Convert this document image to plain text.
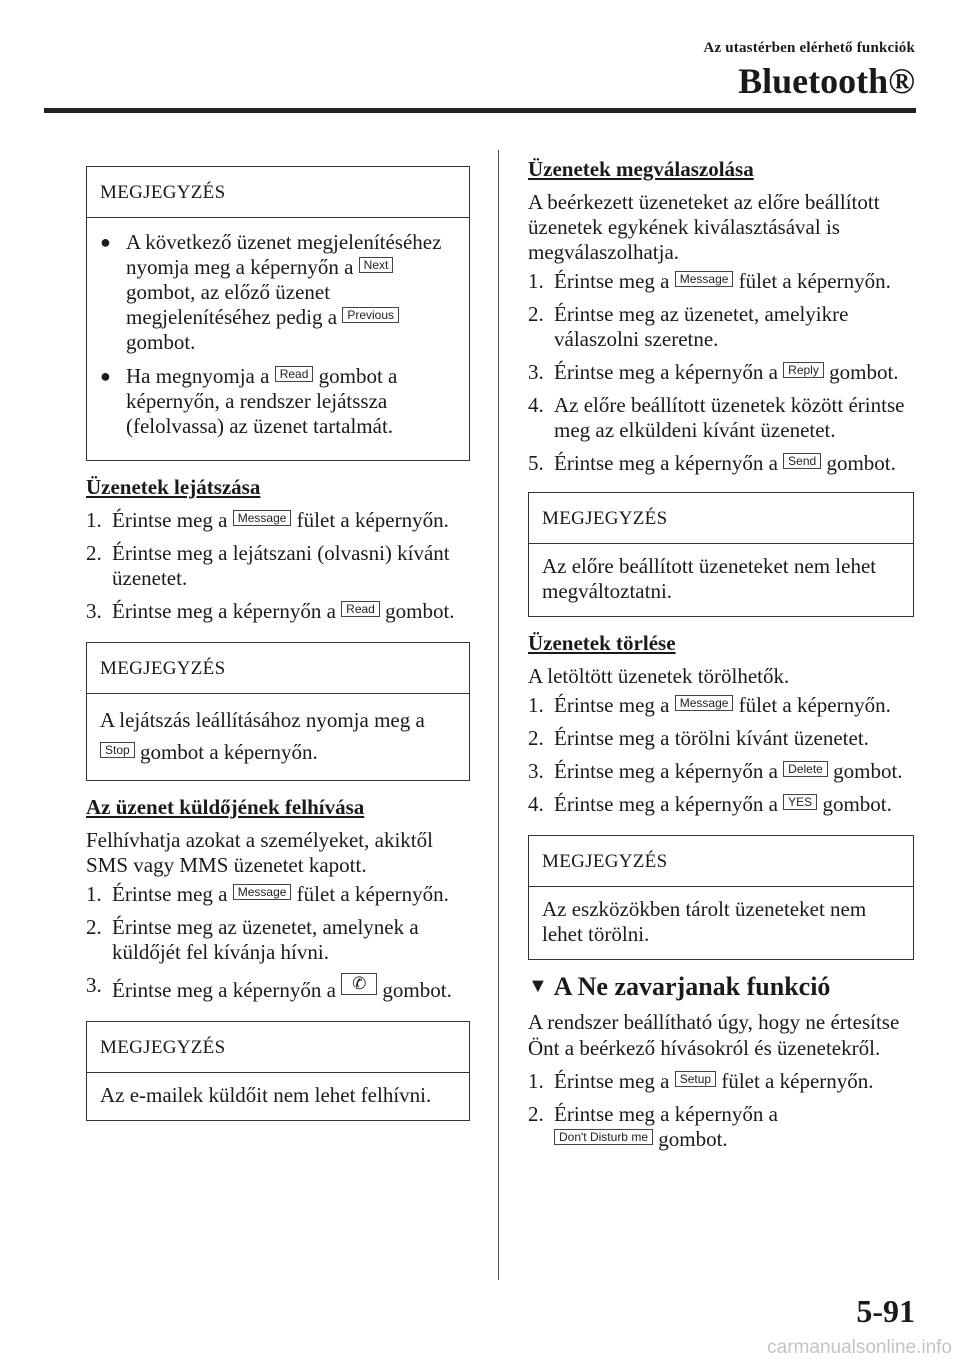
Az utastérben elérhető funkciók
Bluetooth®
MEGJEGYZÉS
● A következő üzenet megjelenítéséhez nyomja meg a képernyőn a Next gombot, az előző üzenet megjelenítéséhez pedig a Previous gombot.
● Ha megnyomja a Read gombot a képernyőn, a rendszer lejátssza (felolvassa) az üzenet tartalmát.
Üzenetek lejátszása
1. Érintse meg a Message fület a képernyőn.
2. Érintse meg a lejátszani (olvasni) kívánt üzenetet.
3. Érintse meg a képernyőn a Read gombot.
MEGJEGYZÉS
A lejátszás leállításához nyomja meg a Stop gombot a képernyőn.
Az üzenet küldőjének felhívása
Felhívhatja azokat a személyeket, akiktől SMS vagy MMS üzenetet kapott.
1. Érintse meg a Message fület a képernyőn.
2. Érintse meg az üzenetet, amelynek a küldőjét fel kívánja hívni.
3. Érintse meg a képernyőn a ✆ gombot.
MEGJEGYZÉS
Az e-mailek küldőit nem lehet felhívni.
Üzenetek megválaszolása
A beérkezett üzeneteket az előre beállított üzenetek egykének kiválasztásával is megválaszolhatja.
1. Érintse meg a Message fület a képernyőn.
2. Érintse meg az üzenetet, amelyikre válaszolni szeretne.
3. Érintse meg a képernyőn a Reply gombot.
4. Az előre beállított üzenetek között érintse meg az elküldeni kívánt üzenetet.
5. Érintse meg a képernyőn a Send gombot.
MEGJEGYZÉS
Az előre beállított üzeneteket nem lehet megváltoztatni.
Üzenetek törlése
A letöltött üzenetek törölhetők.
1. Érintse meg a Message fület a képernyőn.
2. Érintse meg a törölni kívánt üzenetet.
3. Érintse meg a képernyőn a Delete gombot.
4. Érintse meg a képernyőn a YES gombot.
MEGJEGYZÉS
Az eszközökben tárolt üzeneteket nem lehet törölni.
▼ A Ne zavarjanak funkció
A rendszer beállítható úgy, hogy ne értesítse Önt a beérkező hívásokról és üzenetekről.
1. Érintse meg a Setup fület a képernyőn.
2. Érintse meg a képernyőn a
Don't Disturb me gombot.
5-91
carmanualsonline.info
